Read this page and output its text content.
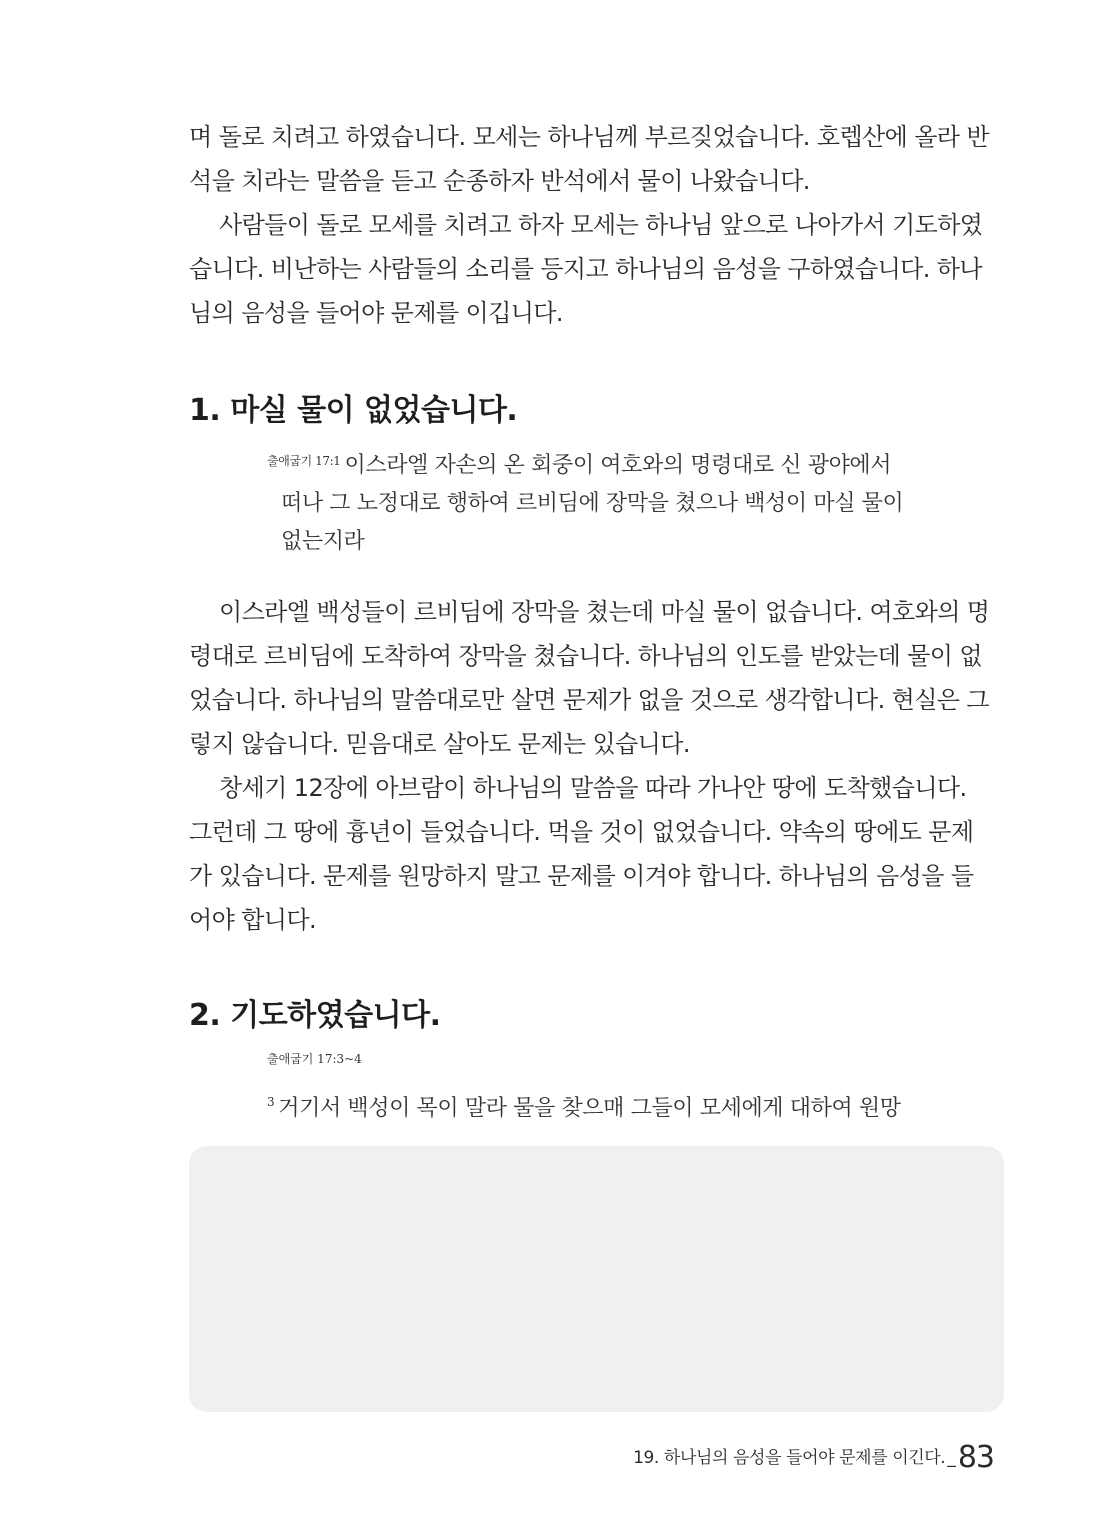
며 돌로 치려고 하였습니다. 모세는 하나님께 부르짖었습니다. 호렙산에 올라 반
석을 치라는 말씀을 듣고 순종하자 반석에서 물이 나왔습니다.
사람들이 돌로 모세를 치려고 하자 모세는 하나님 앞으로 나아가서 기도하였
습니다. 비난하는 사람들의 소리를 등지고 하나님의 음성을 구하였습니다. 하나
님의 음성을 들어야 문제를 이깁니다.
1. 마실 물이 없었습니다.
$^{출애굽기 17:1}$ 이스라엘 자손의 온 회중이 여호와의 명령대로 신 광야에서
떠나 그 노정대로 행하여 르비딤에 장막을 쳤으나 백성이 마실 물이
없는지라
이스라엘 백성들이 르비딤에 장막을 쳤는데 마실 물이 없습니다. 여호와의 명
령대로 르비딤에 도착하여 장막을 쳤습니다. 하나님의 인도를 받았는데 물이 없
었습니다. 하나님의 말씀대로만 살면 문제가 없을 것으로 생각합니다. 현실은 그
렇지 않습니다. 믿음대로 살아도 문제는 있습니다.
창세기 12장에 아브람이 하나님의 말씀을 따라 가나안 땅에 도착했습니다.
그런데 그 땅에 흉년이 들었습니다. 먹을 것이 없었습니다. 약속의 땅에도 문제
가 있습니다. 문제를 원망하지 말고 문제를 이겨야 합니다. 하나님의 음성을 들
어야 합니다.
2. 기도하였습니다.
출애굽기 17:3~4
$^3$ 거기서 백성이 목이 말라 물을 찾으매 그들이 모세에게 대하여 원망
19. 하나님의 음성을 들어야 문제를 이긴다. _83
